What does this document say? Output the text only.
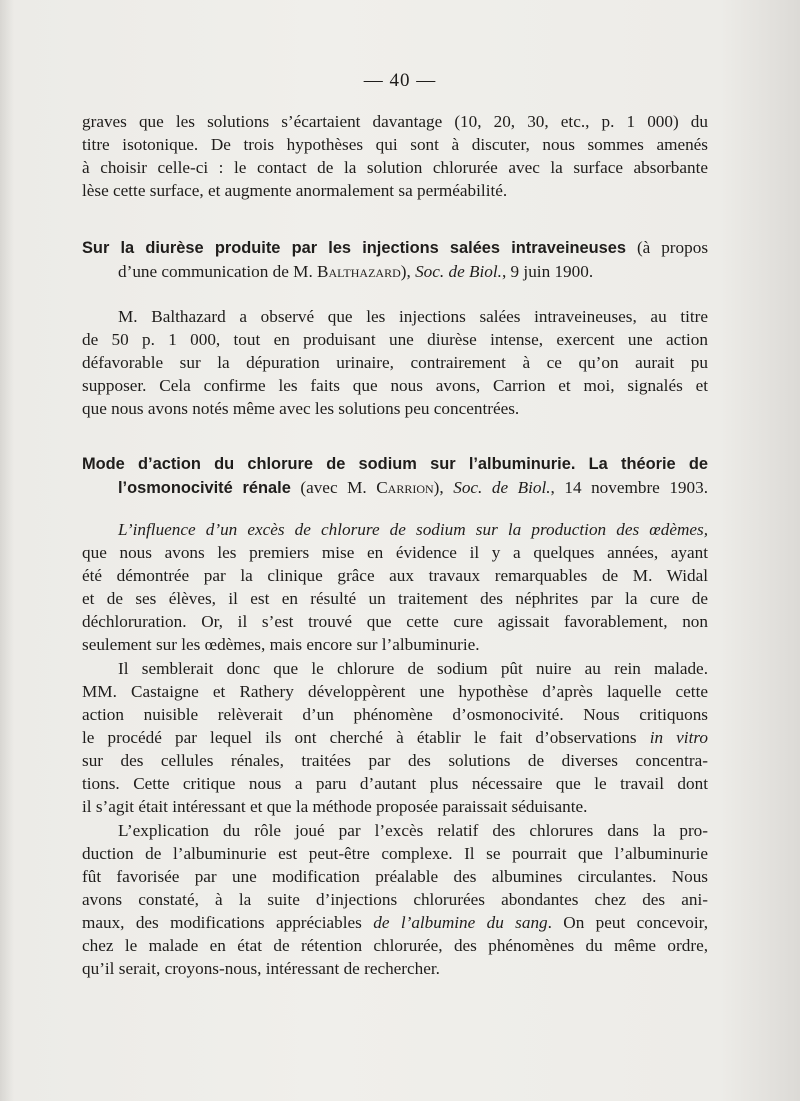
— 40 —

graves que les solutions s’écartaient davantage (10, 20, 30, etc., p. 1 000) du
titre isotonique. De trois hypothèses qui sont à discuter, nous sommes amenés
à choisir celle-ci : le contact de la solution chlorurée avec la surface absorbante
lèse cette surface, et augmente anormalement sa perméabilité.

Sur la diurèse produite par les injections salées intraveineuses (à propos
d’une communication de M. Balthazard), Soc. de Biol., 9 juin 1900.

M. Balthazard a observé que les injections salées intraveineuses, au titre
de 50 p. 1 000, tout en produisant une diurèse intense, exercent une action
défavorable sur la dépuration urinaire, contrairement à ce qu’on aurait pu
supposer. Cela confirme les faits que nous avons, Carrion et moi, signalés et
que nous avons notés même avec les solutions peu concentrées.

Mode d’action du chlorure de sodium sur l’albuminurie. La théorie de
l’osmonocivité rénale (avec M. Carrion), Soc. de Biol., 14 novembre 1903.

L’influence d’un excès de chlorure de sodium sur la production des œdèmes,
que nous avons les premiers mise en évidence il y a quelques années, ayant
été démontrée par la clinique grâce aux travaux remarquables de M. Widal
et de ses élèves, il est en résulté un traitement des néphrites par la cure de
déchloruration. Or, il s’est trouvé que cette cure agissait favorablement, non
seulement sur les œdèmes, mais encore sur l’albuminurie.

Il semblerait donc que le chlorure de sodium pût nuire au rein malade.
MM. Castaigne et Rathery développèrent une hypothèse d’après laquelle cette
action nuisible relèverait d’un phénomène d’osmonocivité. Nous critiquons
le procédé par lequel ils ont cherché à établir le fait d’observations in vitro
sur des cellules rénales, traitées par des solutions de diverses concentra-
tions. Cette critique nous a paru d’autant plus nécessaire que le travail dont
il s’agit était intéressant et que la méthode proposée paraissait séduisante.

L’explication du rôle joué par l’excès relatif des chlorures dans la pro-
duction de l’albuminurie est peut-être complexe. Il se pourrait que l’albuminurie
fût favorisée par une modification préalable des albumines circulantes. Nous
avons constaté, à la suite d’injections chlorurées abondantes chez des ani-
maux, des modifications appréciables de l’albumine du sang. On peut concevoir,
chez le malade en état de rétention chlorurée, des phénomènes du même ordre,
qu’il serait, croyons-nous, intéressant de rechercher.
